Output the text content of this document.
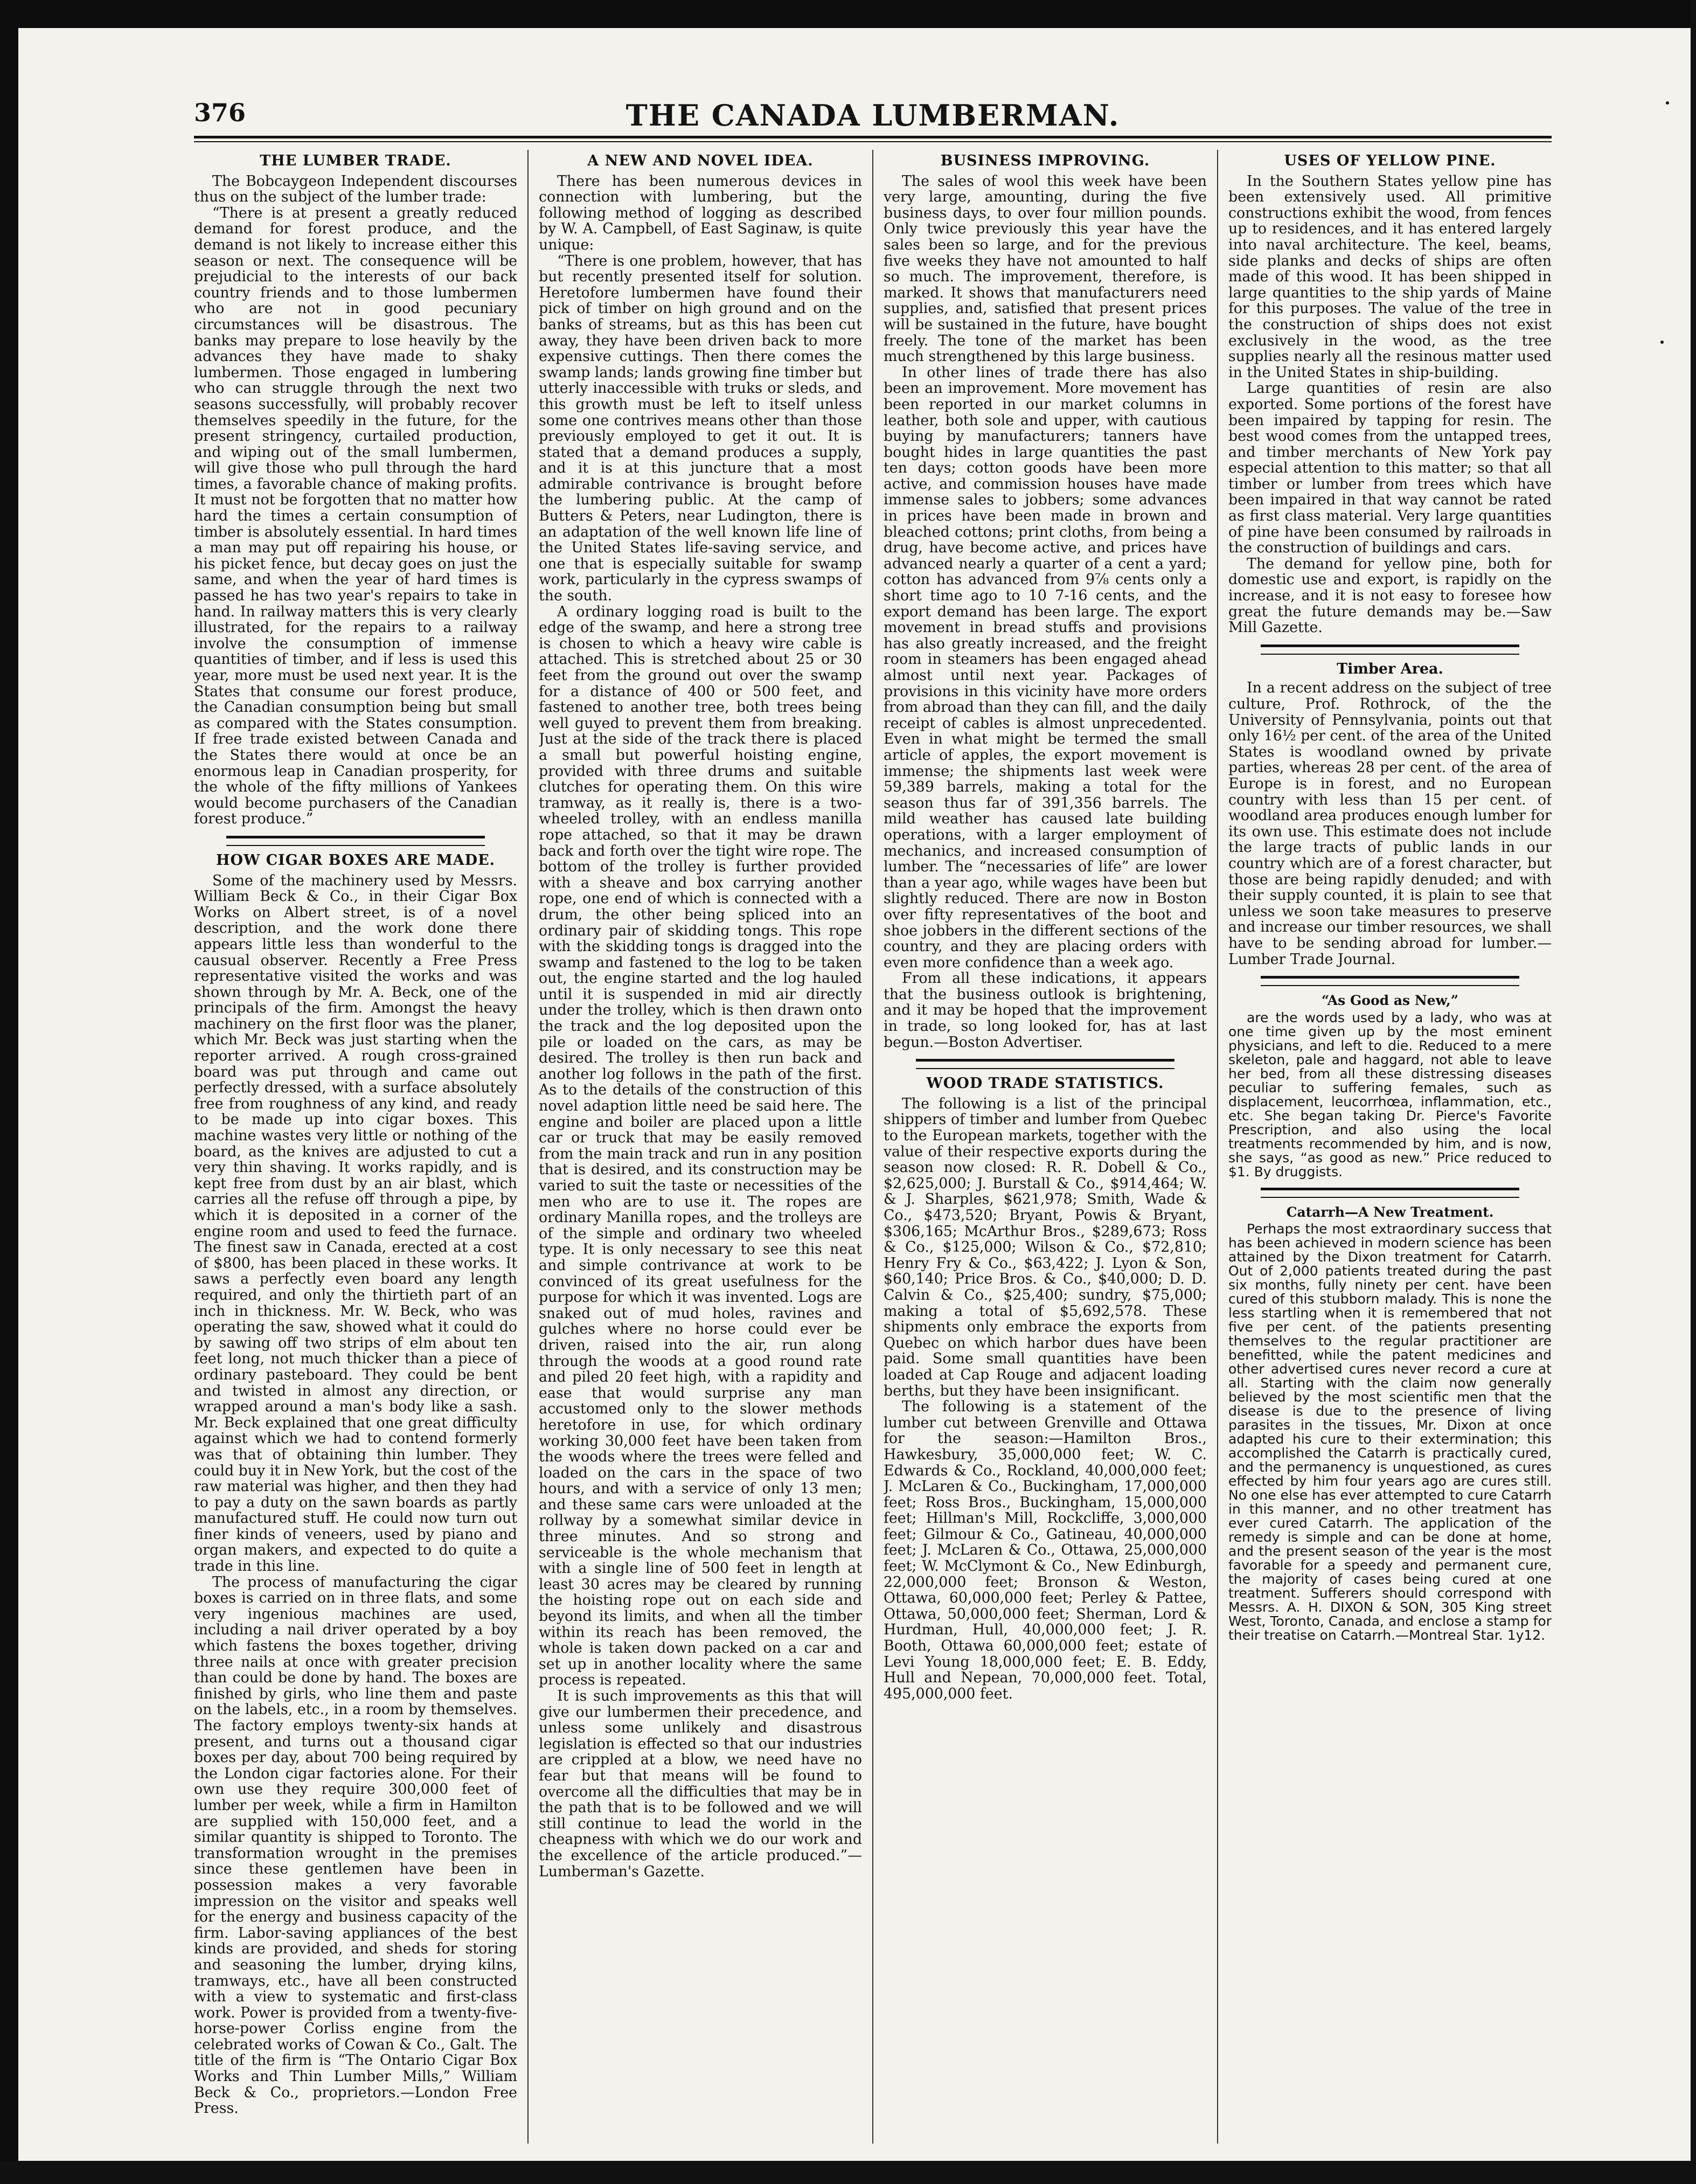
376	THE CANADA LUMBERMAN.
THE LUMBER TRADE.

The Bobcaygeon Independent discourses thus on the subject of the lumber trade:

“There is at present a greatly reduced demand for forest produce, and the demand is not likely to increase either this season or next. The consequence will be prejudicial to the interests of our back country friends and to those lumbermen who are not in good pecuniary circumstances will be disastrous. The banks may prepare to lose heavily by the advances they have made to shaky lumbermen. Those engaged in lumbering who can struggle through the next two seasons successfully, will probably recover themselves speedily in the future, for the present stringency, curtailed production, and wiping out of the small lumbermen, will give those who pull through the hard times, a favorable chance of making profits. It must not be forgotten that no matter how hard the times a certain consumption of timber is absolutely essential. In hard times a man may put off repairing his house, or his picket fence, but decay goes on just the same, and when the year of hard times is passed he has two year's repairs to take in hand. In railway matters this is very clearly illustrated, for the repairs to a railway involve the consumption of immense quantities of timber, and if less is used this year, more must be used next year. It is the States that consume our forest produce, the Canadian consumption being but small as compared with the States consumption. If free trade existed between Canada and the States there would at once be an enormous leap in Canadian prosperity, for the whole of the fifty millions of Yankees would become purchasers of the Canadian forest produce.”

HOW CIGAR BOXES ARE MADE.

Some of the machinery used by Messrs. William Beck & Co., in their Cigar Box Works on Albert street, is of a novel description, and the work done there appears little less than wonderful to the causual observer. Recently a Free Press representative visited the works and was shown through by Mr. A. Beck, one of the principals of the firm. Amongst the heavy machinery on the first floor was the planer, which Mr. Beck was just starting when the reporter arrived. A rough cross-grained board was put through and came out perfectly dressed, with a surface absolutely free from roughness of any kind, and ready to be made up into cigar boxes. This machine wastes very little or nothing of the board, as the knives are adjusted to cut a very thin shaving. It works rapidly, and is kept free from dust by an air blast, which carries all the refuse off through a pipe, by which it is deposited in a corner of the engine room and used to feed the furnace. The finest saw in Canada, erected at a cost of $800, has been placed in these works. It saws a perfectly even board any length required, and only the thirtieth part of an inch in thickness. Mr. W. Beck, who was operating the saw, showed what it could do by sawing off two strips of elm about ten feet long, not much thicker than a piece of ordinary pasteboard. They could be bent and twisted in almost any direction, or wrapped around a man's body like a sash. Mr. Beck explained that one great difficulty against which we had to contend formerly was that of obtaining thin lumber. They could buy it in New York, but the cost of the raw material was higher, and then they had to pay a duty on the sawn boards as partly manufactured stuff. He could now turn out finer kinds of veneers, used by piano and organ makers, and expected to do quite a trade in this line.

The process of manufacturing the cigar boxes is carried on in three flats, and some very ingenious machines are used, including a nail driver operated by a boy which fastens the boxes together, driving three nails at once with greater precision than could be done by hand. The boxes are finished by girls, who line them and paste on the labels, etc., in a room by themselves. The factory employs twenty-six hands at present, and turns out a thousand cigar boxes per day, about 700 being required by the London cigar factories alone. For their own use they require 300,000 feet of lumber per week, while a firm in Hamilton are supplied with 150,000 feet, and a similar quantity is shipped to Toronto. The transformation wrought in the premises since these gentlemen have been in possession makes a very favorable impression on the visitor and speaks well for the energy and business capacity of the firm. Labor-saving appliances of the best kinds are provided, and sheds for storing and seasoning the lumber, drying kilns, tramways, etc., have all been constructed with a view to systematic and first-class work. Power is provided from a twenty-five-horse-power Corliss engine from the celebrated works of Cowan & Co., Galt. The title of the firm is “The Ontario Cigar Box Works and Thin Lumber Mills,” William Beck & Co., proprietors.—London Free Press.

A NEW AND NOVEL IDEA.

There has been numerous devices in connection with lumbering, but the following method of logging as described by W. A. Campbell, of East Saginaw, is quite unique:

“There is one problem, however, that has but recently presented itself for solution. Heretofore lumbermen have found their pick of timber on high ground and on the banks of streams, but as this has been cut away, they have been driven back to more expensive cuttings. Then there comes the swamp lands; lands growing fine timber but utterly inaccessible with truks or sleds, and this growth must be left to itself unless some one contrives means other than those previously employed to get it out. It is stated that a demand produces a supply, and it is at this juncture that a most admirable contrivance is brought before the lumbering public. At the camp of Butters & Peters, near Ludington, there is an adaptation of the well known life line of the United States life-saving service, and one that is especially suitable for swamp work, particularly in the cypress swamps of the south.

A ordinary logging road is built to the edge of the swamp, and here a strong tree is chosen to which a heavy wire cable is attached. This is stretched about 25 or 30 feet from the ground out over the swamp for a distance of 400 or 500 feet, and fastened to another tree, both trees being well guyed to prevent them from breaking. Just at the side of the track there is placed a small but powerful hoisting engine, provided with three drums and suitable clutches for operating them. On this wire tramway, as it really is, there is a two-wheeled trolley, with an endless manilla rope attached, so that it may be drawn back and forth over the tight wire rope. The bottom of the trolley is further provided with a sheave and box carrying another rope, one end of which is connected with a drum, the other being spliced into an ordinary pair of skidding tongs. This rope with the skidding tongs is dragged into the swamp and fastened to the log to be taken out, the engine started and the log hauled until it is suspended in mid air directly under the trolley, which is then drawn onto the track and the log deposited upon the pile or loaded on the cars, as may be desired. The trolley is then run back and another log follows in the path of the first. As to the details of the construction of this novel adaption little need be said here. The engine and boiler are placed upon a little car or truck that may be easily removed from the main track and run in any position that is desired, and its construction may be varied to suit the taste or necessities of the men who are to use it. The ropes are ordinary Manilla ropes, and the trolleys are of the simple and ordinary two wheeled type. It is only necessary to see this neat and simple contrivance at work to be convinced of its great usefulness for the purpose for which it was invented. Logs are snaked out of mud holes, ravines and gulches where no horse could ever be driven, raised into the air, run along through the woods at a good round rate and piled 20 feet high, with a rapidity and ease that would surprise any man accustomed only to the slower methods heretofore in use, for which ordinary working 30,000 feet have been taken from the woods where the trees were felled and loaded on the cars in the space of two hours, and with a service of only 13 men; and these same cars were unloaded at the rollway by a somewhat similar device in three minutes. And so strong and serviceable is the whole mechanism that with a single line of 500 feet in length at least 30 acres may be cleared by running the hoisting rope out on each side and beyond its limits, and when all the timber within its reach has been removed, the whole is taken down packed on a car and set up in another locality where the same process is repeated.

It is such improvements as this that will give our lumbermen their precedence, and unless some unlikely and disastrous legislation is effected so that our industries are crippled at a blow, we need have no fear but that means will be found to overcome all the difficulties that may be in the path that is to be followed and we will still continue to lead the world in the cheapness with which we do our work and the excellence of the article produced.”—Lumberman's Gazette.

BUSINESS IMPROVING.

The sales of wool this week have been very large, amounting, during the five business days, to over four million pounds. Only twice previously this year have the sales been so large, and for the previous five weeks they have not amounted to half so much. The improvement, therefore, is marked. It shows that manufacturers need supplies, and, satisfied that present prices will be sustained in the future, have bought freely. The tone of the market has been much strengthened by this large business.

In other lines of trade there has also been an improvement. More movement has been reported in our market columns in leather, both sole and upper, with cautious buying by manufacturers; tanners have bought hides in large quantities the past ten days; cotton goods have been more active, and commission houses have made immense sales to jobbers; some advances in prices have been made in brown and bleached cottons; print cloths, from being a drug, have become active, and prices have advanced nearly a quarter of a cent a yard; cotton has advanced from 9⅞ cents only a short time ago to 10 7-16 cents, and the export demand has been large. The export movement in bread stuffs and provisions has also greatly increased, and the freight room in steamers has been engaged ahead almost until next year. Packages of provisions in this vicinity have more orders from abroad than they can fill, and the daily receipt of cables is almost unprecedented. Even in what might be termed the small article of apples, the export movement is immense; the shipments last week were 59,389 barrels, making a total for the season thus far of 391,356 barrels. The mild weather has caused late building operations, with a larger employment of mechanics, and increased consumption of lumber. The “necessaries of life” are lower than a year ago, while wages have been but slightly reduced. There are now in Boston over fifty representatives of the boot and shoe jobbers in the different sections of the country, and they are placing orders with even more confidence than a week ago.

From all these indications, it appears that the business outlook is brightening, and it may be hoped that the improvement in trade, so long looked for, has at last begun.—Boston Advertiser.

WOOD TRADE STATISTICS.

The following is a list of the principal shippers of timber and lumber from Quebec to the European markets, together with the value of their respective exports during the season now closed: R. R. Dobell & Co., $2,625,000; J. Burstall & Co., $914,464; W. & J. Sharples, $621,978; Smith, Wade & Co., $473,520; Bryant, Powis & Bryant, $306,165; McArthur Bros., $289,673; Ross & Co., $125,000; Wilson & Co., $72,810; Henry Fry & Co., $63,422; J. Lyon & Son, $60,140; Price Bros. & Co., $40,000; D. D. Calvin & Co., $25,400; sundry, $75,000; making a total of $5,692,578. These shipments only embrace the exports from Quebec on which harbor dues have been paid. Some small quantities have been loaded at Cap Rouge and adjacent loading berths, but they have been insignificant.

The following is a statement of the lumber cut between Grenville and Ottawa for the season:—Hamilton Bros., Hawkesbury, 35,000,000 feet; W. C. Edwards & Co., Rockland, 40,000,000 feet; J. McLaren & Co., Buckingham, 17,000,000 feet; Ross Bros., Buckingham, 15,000,000 feet; Hillman's Mill, Rockcliffe, 3,000,000 feet; Gilmour & Co., Gatineau, 40,000,000 feet; J. McLaren & Co., Ottawa, 25,000,000 feet; W. McClymont & Co., New Edinburgh, 22,000,000 feet; Bronson & Weston, Ottawa, 60,000,000 feet; Perley & Pattee, Ottawa, 50,000,000 feet; Sherman, Lord & Hurdman, Hull, 40,000,000 feet; J. R. Booth, Ottawa 60,000,000 feet; estate of Levi Young 18,000,000 feet; E. B. Eddy, Hull and Nepean, 70,000,000 feet. Total, 495,000,000 feet.

USES OF YELLOW PINE.

In the Southern States yellow pine has been extensively used. All primitive constructions exhibit the wood, from fences up to residences, and it has entered largely into naval architecture. The keel, beams, side planks and decks of ships are often made of this wood. It has been shipped in large quantities to the ship yards of Maine for this purposes. The value of the tree in the construction of ships does not exist exclusively in the wood, as the tree supplies nearly all the resinous matter used in the United States in ship-building.

Large quantities of resin are also exported. Some portions of the forest have been impaired by tapping for resin. The best wood comes from the untapped trees, and timber merchants of New York pay especial attention to this matter; so that all timber or lumber from trees which have been impaired in that way cannot be rated as first class material. Very large quantities of pine have been consumed by railroads in the construction of buildings and cars.

The demand for yellow pine, both for domestic use and export, is rapidly on the increase, and it is not easy to foresee how great the future demands may be.—Saw Mill Gazette.

Timber Area.

In a recent address on the subject of tree culture, Prof. Rothrock, of the the University of Pennsylvania, points out that only 16½ per cent. of the area of the United States is woodland owned by private parties, whereas 28 per cent. of the area of Europe is in forest, and no European country with less than 15 per cent. of woodland area produces enough lumber for its own use. This estimate does not include the large tracts of public lands in our country which are of a forest character, but those are being rapidly denuded; and with their supply counted, it is plain to see that unless we soon take measures to preserve and increase our timber resources, we shall have to be sending abroad for lumber.—Lumber Trade Journal.

“As Good as New,”

are the words used by a lady, who was at one time given up by the most eminent physicians, and left to die. Reduced to a mere skeleton, pale and haggard, not able to leave her bed, from all these distressing diseases peculiar to suffering females, such as displacement, leucorrhœa, inflammation, etc., etc. She began taking Dr. Pierce's Favorite Prescription, and also using the local treatments recommended by him, and is now, she says, “as good as new.” Price reduced to $1. By druggists.

Catarrh—A New Treatment.

Perhaps the most extraordinary success that has been achieved in modern science has been attained by the Dixon treatment for Catarrh. Out of 2,000 patients treated during the past six months, fully ninety per cent. have been cured of this stubborn malady. This is none the less startling when it is remembered that not five per cent. of the patients presenting themselves to the regular practitioner are benefitted, while the patent medicines and other advertised cures never record a cure at all. Starting with the claim now generally believed by the most scientific men that the disease is due to the presence of living parasites in the tissues, Mr. Dixon at once adapted his cure to their extermination; this accomplished the Catarrh is practically cured, and the permanency is unquestioned, as cures effected by him four years ago are cures still. No one else has ever attempted to cure Catarrh in this manner, and no other treatment has ever cured Catarrh. The application of the remedy is simple and can be done at home, and the present season of the year is the most favorable for a speedy and permanent cure, the majority of cases being cured at one treatment. Sufferers should correspond with Messrs. A. H. DIXON & SON, 305 King street West, Toronto, Canada, and enclose a stamp for their treatise on Catarrh.—Montreal Star. 1y12.
